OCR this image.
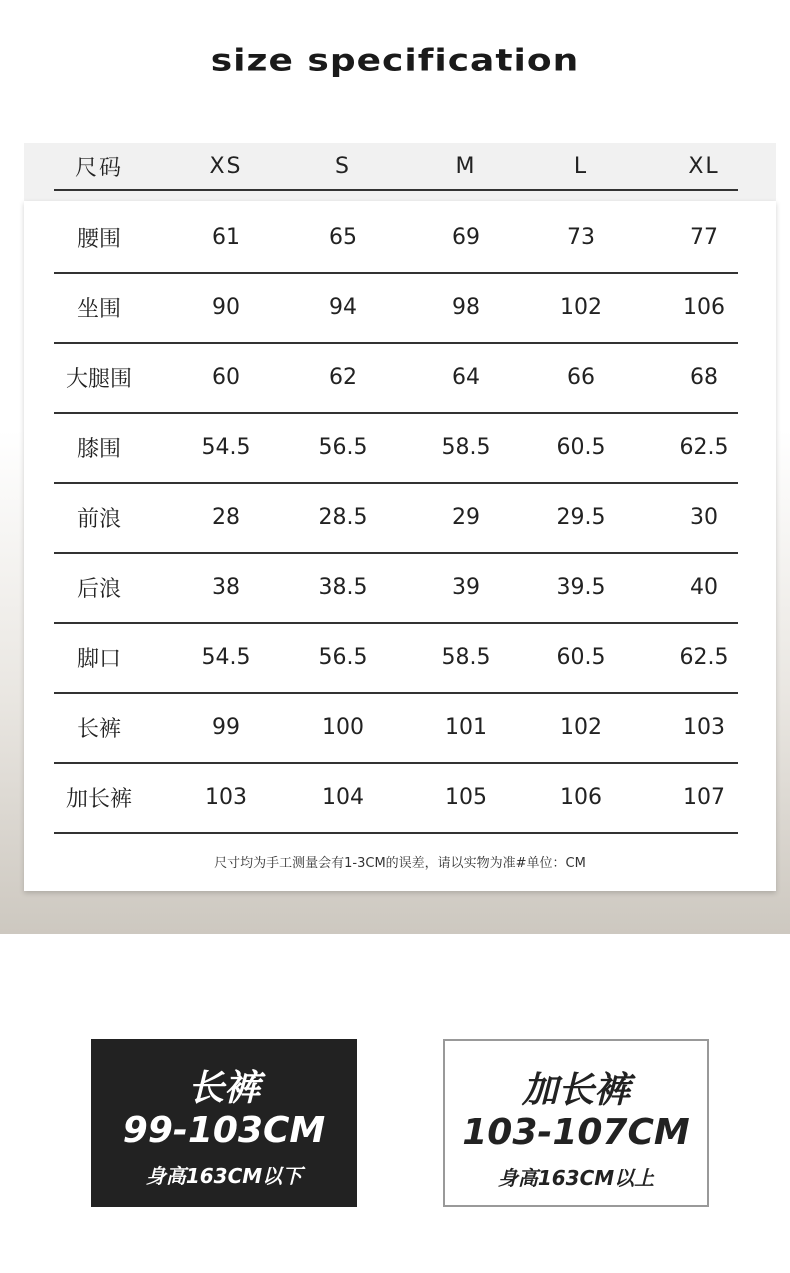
size specification
尺码	XS	S	M	L	XL
腰围	61	65	69	73	77
坐围	90	94	98	102	106
大腿围	60	62	64	66	68
膝围	54.5	56.5	58.5	60.5	62.5
前浪	28	28.5	29	29.5	30
后浪	38	38.5	39	39.5	40
脚口	54.5	56.5	58.5	60.5	62.5
长裤	99	100	101	102	103
加长裤	103	104	105	106	107
尺寸均为手工测量会有1-3CM的误差，请以实物为准#单位：CM
长裤
99-103CM
身高163CM以下
加长裤
103-107CM
身高163CM以上
